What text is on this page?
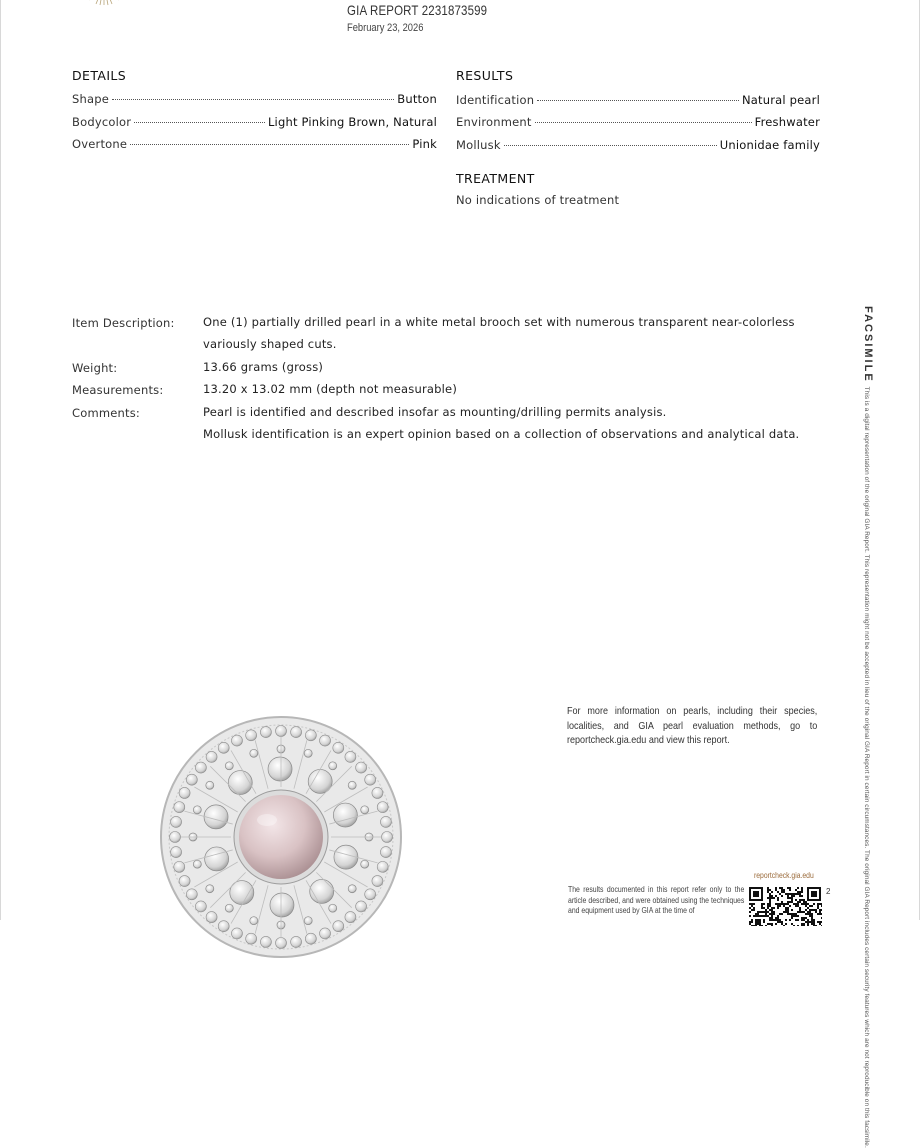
GIA REPORT 2231873599
February 23, 2026
DETAILS
Shape	Button
Bodycolor	Light Pinking Brown, Natural
Overtone	Pink
RESULTS
Identification	Natural pearl
Environment	Freshwater
Mollusk	Unionidae family
TREATMENT
No indications of treatment
Item Description: One (1) partially drilled pearl in a white metal brooch set with numerous transparent near-colorless variously shaped cuts.
Weight:	13.66 grams (gross)
Measurements:	13.20 x 13.02 mm (depth not measurable)
Comments:	Pearl is identified and described insofar as mounting/drilling permits analysis.
Mollusk identification is an expert opinion based on a collection of observations and analytical data.
FACSIMILEThis is a digital representation of the original GIA Report. This representation might not be accepted in lieu of the original GIA Report in certain circumstances. The original GIA Report includes certain security features which are not reproducible on this facsimile.
For more information on pearls, including their species, localities, and GIA pearl evaluation methods, go to reportcheck.gia.edu and view this report.
reportcheck.gia.edu
The results documented in this report refer only to the article described, and were obtained using the techniques and equipment used by GIA at the time of
2
